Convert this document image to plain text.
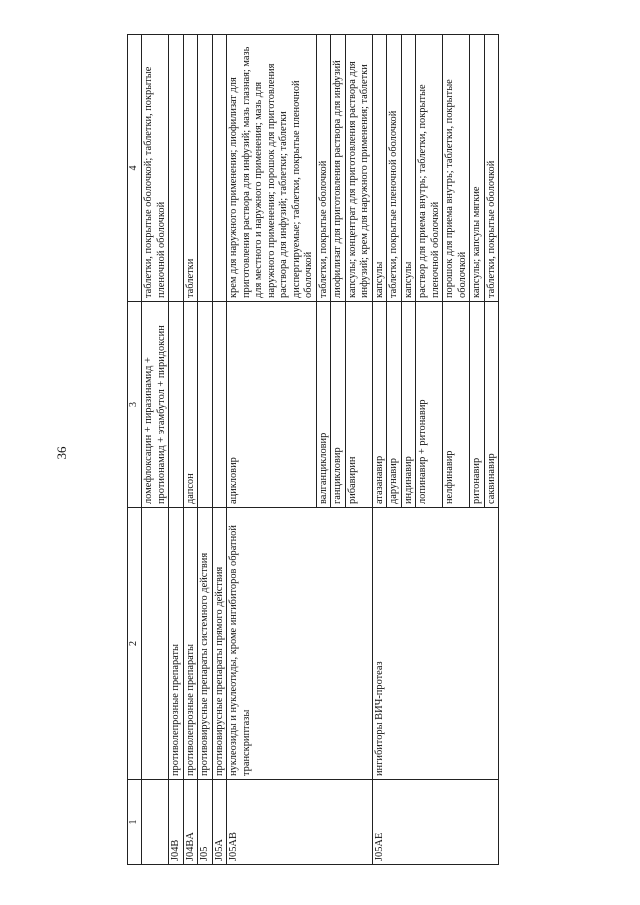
36
1	2	3	4
		ломефлоксацин + пиразинамид + протионамид + этамбутол + пиридоксин	таблетки, покрытые оболочкой; таблетки, покрытые пленочной оболочкой
J04B	противолепрозные препараты		
J04BA	противолепрозные препараты	дапсон	таблетки
J05	противовирусные препараты системного действия		
J05A	противовирусные препараты прямого действия		
J05AB	нуклеозиды и нуклеотиды, кроме ингибиторов обратной транскриптазы	ацикловир	крем для наружного применения; лиофилизат для приготовления раствора для инфузий; мазь глазная; мазь для местного и наружного применения; мазь для наружного применения; порошок для приготовления раствора для инфузий; таблетки; таблетки диспергируемые; таблетки, покрытые пленочной оболочкой
		валганцикловир	таблетки, покрытые оболочкой
		ганцикловир	лиофилизат для приготовления раствора для инфузий
		рибавирин	капсулы; концентрат для приготовления раствора для инфузий; крем для наружного применения; таблетки
J05AE	ингибиторы ВИЧ-протеаз	атазанавир	капсулы
		дарунавир	таблетки, покрытые пленочной оболочкой
		индинавир	капсулы
		лопинавир + ритонавир	раствор для приема внутрь; таблетки, покрытые пленочной оболочкой
		нелфинавир	порошок для приема внутрь; таблетки, покрытые оболочкой
		ритонавир	капсулы; капсулы мягкие
		саквинавир	таблетки, покрытые оболочкой
